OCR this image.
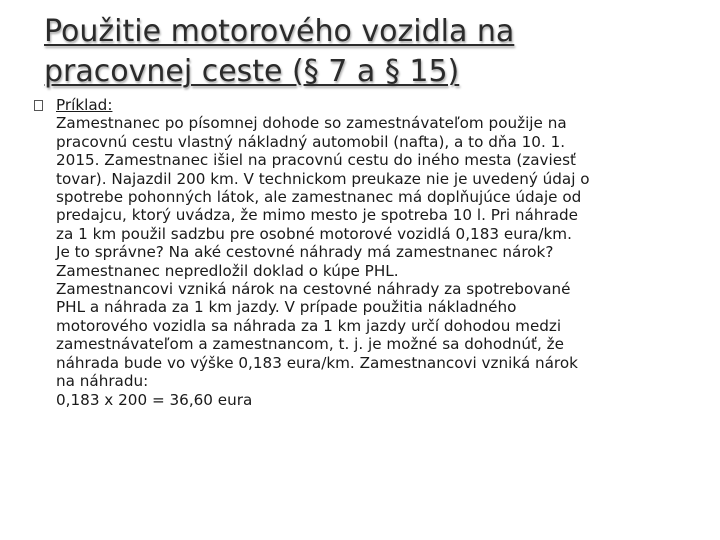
Použitie motorového vozidla na
pracovnej ceste (§ 7 a § 15)

Príklad:

Zamestnanec po písomnej dohode so zamestnávateľom použije na

pracovnú cestu vlastný nákladný automobil (nafta), a to dňa 10. 1.

2015. Zamestnanec išiel na pracovnú cestu do iného mesta (zaviesť

tovar). Najazdil 200 km. V technickom preukaze nie je uvedený údaj o

spotrebe pohonných látok, ale zamestnanec má doplňujúce údaje od

predajcu, ktorý uvádza, že mimo mesto je spotreba 10 l. Pri náhrade

za 1 km použil sadzbu pre osobné motorové vozidlá 0,183 eura/km.

Je to správne? Na aké cestovné náhrady má zamestnanec nárok?

Zamestnanec nepredložil doklad o kúpe PHL.

Zamestnancovi vzniká nárok na cestovné náhrady za spotrebované

PHL a náhrada za 1 km jazdy. V prípade použitia nákladného

motorového vozidla sa náhrada za 1 km jazdy určí dohodou medzi

zamestnávateľom a zamestnancom, t. j. je možné sa dohodnúť, že

náhrada bude vo výške 0,183 eura/km. Zamestnancovi vzniká nárok

na náhradu:

0,183 x 200 = 36,60 eura
